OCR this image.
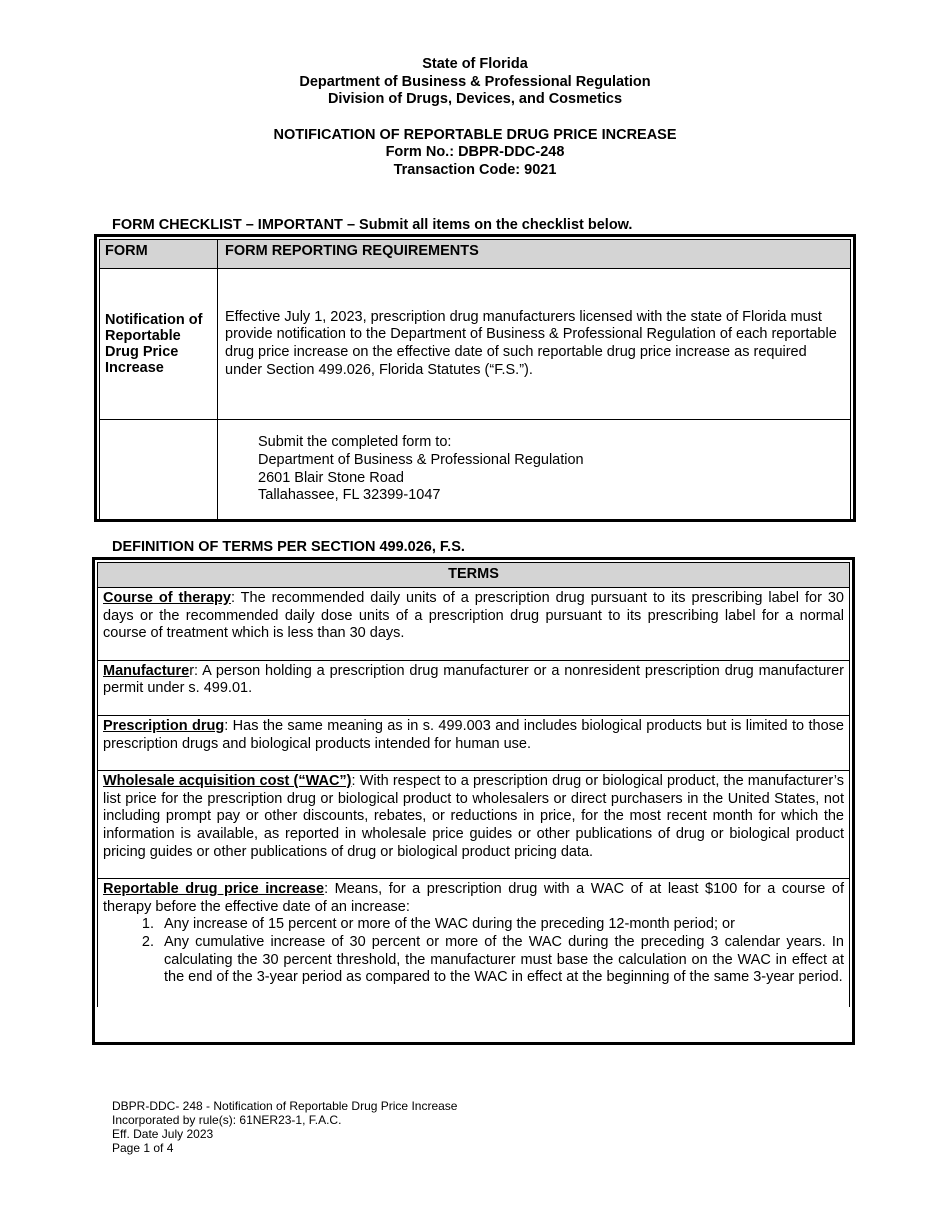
State of Florida
Department of Business & Professional Regulation
Division of Drugs, Devices, and Cosmetics
NOTIFICATION OF REPORTABLE DRUG PRICE INCREASE
Form No.: DBPR-DDC-248
Transaction Code: 9021
FORM CHECKLIST – IMPORTANT – Submit all items on the checklist below.
FORM	FORM REPORTING REQUIREMENTS
Notification of Reportable Drug Price Increase	Effective July 1, 2023, prescription drug manufacturers licensed with the state of Florida must provide notification to the Department of Business & Professional Regulation of each reportable drug price increase on the effective date of such reportable drug price increase as required under Section 499.026, Florida Statutes (“F.S.”).

	Submit the completed form to:
Department of Business & Professional Regulation
2601 Blair Stone Road
Tallahassee, FL 32399-1047
DEFINITION OF TERMS PER SECTION 499.026, F.S.
TERMS
Course of therapy: The recommended daily units of a prescription drug pursuant to its prescribing label for 30 days or the recommended daily dose units of a prescription drug pursuant to its prescribing label for a normal course of treatment which is less than 30 days.
Manufacturer: A person holding a prescription drug manufacturer or a nonresident prescription drug manufacturer permit under s. 499.01.
Prescription drug: Has the same meaning as in s. 499.003 and includes biological products but is limited to those prescription drugs and biological products intended for human use.
Wholesale acquisition cost (“WAC”): With respect to a prescription drug or biological product, the manufacturer’s list price for the prescription drug or biological product to wholesalers or direct purchasers in the United States, not including prompt pay or other discounts, rebates, or reductions in price, for the most recent month for which the information is available, as reported in wholesale price guides or other publications of drug or biological product pricing guides or other publications of drug or biological product pricing data.
Reportable drug price increase: Means, for a prescription drug with a WAC of at least $100 for a course of therapy before the effective date of an increase:
1. Any increase of 15 percent or more of the WAC during the preceding 12-month period; or
2. Any cumulative increase of 30 percent or more of the WAC during the preceding 3 calendar years. In calculating the 30 percent threshold, the manufacturer must base the calculation on the WAC in effect at the end of the 3-year period as compared to the WAC in effect at the beginning of the same 3-year period.
DBPR-DDC- 248 - Notification of Reportable Drug Price Increase
Incorporated by rule(s): 61NER23-1, F.A.C.
Eff. Date July 2023
Page 1 of 4
